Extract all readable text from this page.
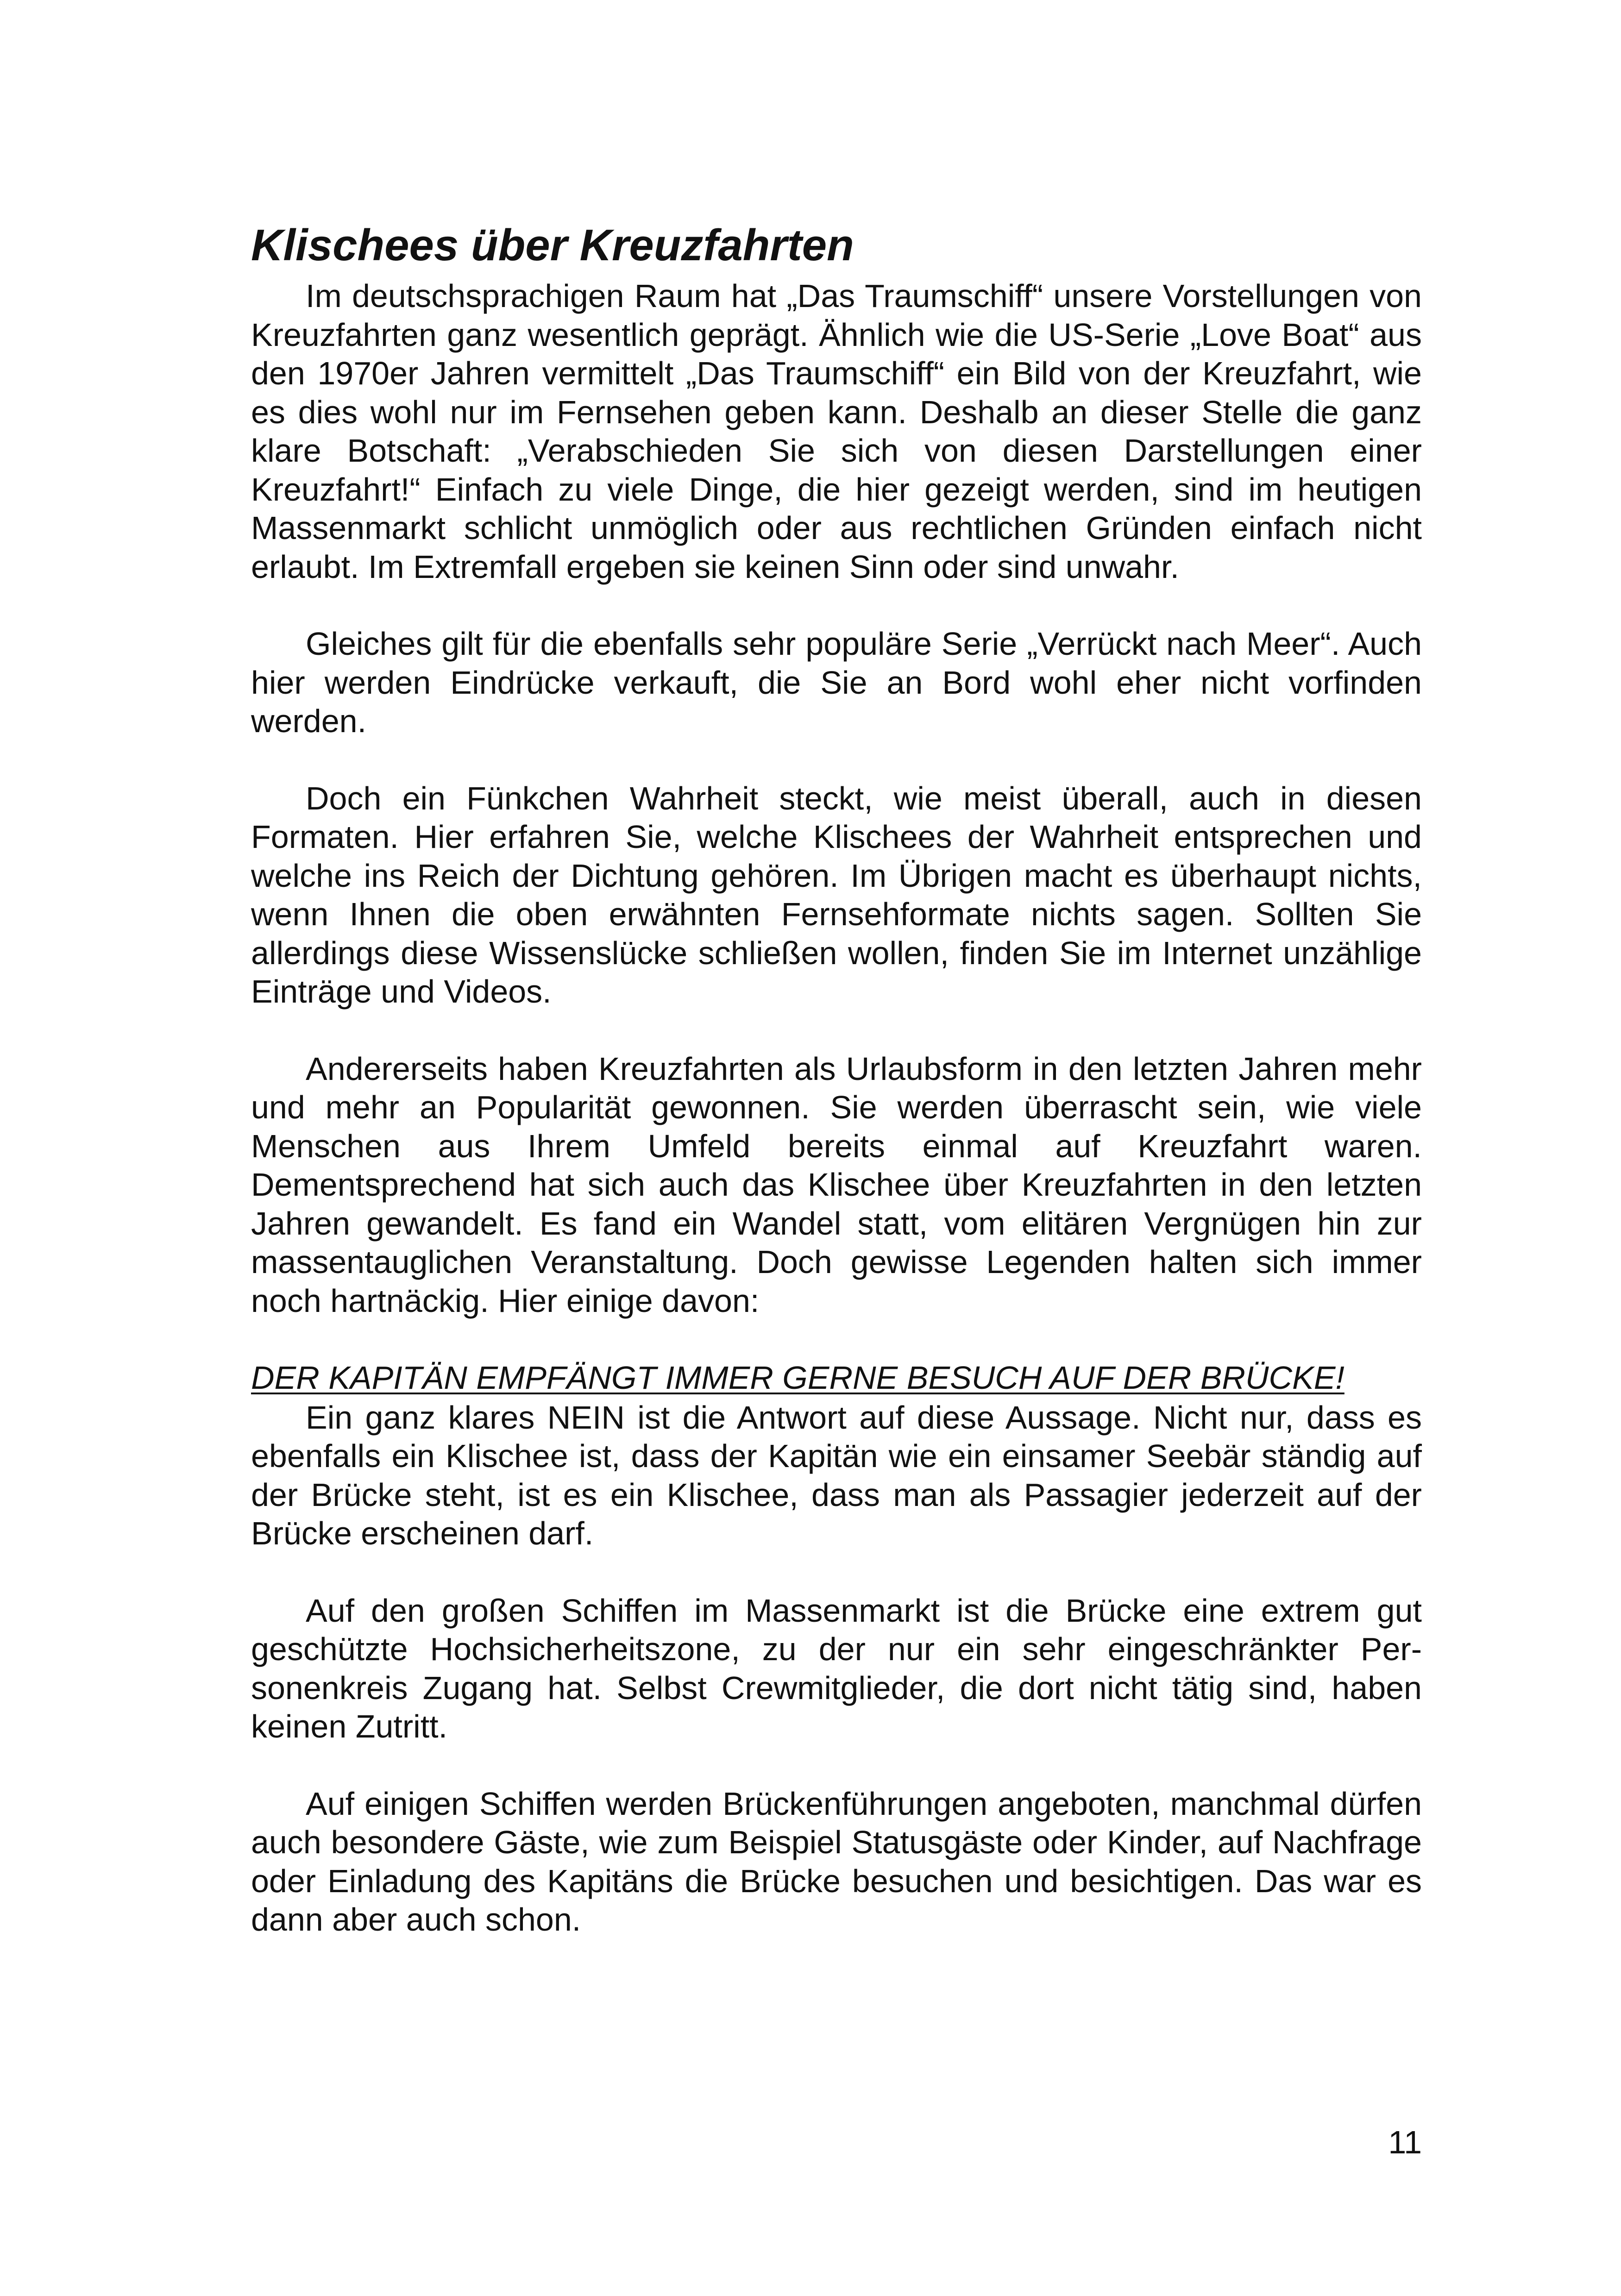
Klischees über Kreuzfahrten

Im deutschsprachigen Raum hat „Das Traumschiff“ unsere Vorstellungen von Kreuzfahrten ganz wesentlich geprägt. Ähnlich wie die US-Serie „Love Boat“ aus den 1970er Jahren vermittelt „Das Traumschiff“ ein Bild von der Kreuzfahrt, wie es dies wohl nur im Fernsehen geben kann. Deshalb an dieser Stelle die ganz klare Botschaft: „Verabschieden Sie sich von diesen Darstellungen einer Kreuzfahrt!“ Einfach zu viele Dinge, die hier gezeigt werden, sind im heutigen Massenmarkt schlicht unmöglich oder aus rechtlichen Gründen einfach nicht erlaubt. Im Extremfall ergeben sie keinen Sinn oder sind unwahr.

Gleiches gilt für die ebenfalls sehr populäre Serie „Verrückt nach Meer“. Auch hier werden Eindrücke verkauft, die Sie an Bord wohl eher nicht vorfinden werden.

Doch ein Fünkchen Wahrheit steckt, wie meist überall, auch in diesen Formaten. Hier erfahren Sie, welche Klischees der Wahrheit entsprechen und welche ins Reich der Dichtung gehören. Im Übrigen macht es überhaupt nichts, wenn Ihnen die oben erwähnten Fernsehformate nichts sagen. Sollten Sie allerdings diese Wissenslücke schließen wollen, finden Sie im Internet unzählige Einträge und Videos.

Andererseits haben Kreuzfahrten als Urlaubsform in den letzten Jahren mehr und mehr an Popularität gewonnen. Sie werden überrascht sein, wie viele Menschen aus Ihrem Umfeld bereits einmal auf Kreuzfahrt waren. Dementsprechend hat sich auch das Klischee über Kreuzfahrten in den letzten Jahren gewandelt. Es fand ein Wandel statt, vom elitären Vergnügen hin zur massentauglichen Veranstaltung. Doch gewisse Legenden halten sich immer noch hartnäckig. Hier einige davon:

DER KAPITÄN EMPFÄNGT IMMER GERNE BESUCH AUF DER BRÜCKE!

Ein ganz klares NEIN ist die Antwort auf diese Aussage. Nicht nur, dass es ebenfalls ein Klischee ist, dass der Kapitän wie ein einsamer Seebär ständig auf der Brücke steht, ist es ein Klischee, dass man als Passagier jederzeit auf der Brücke erscheinen darf.

Auf den großen Schiffen im Massenmarkt ist die Brücke eine extrem gut geschützte Hochsicherheitszone, zu der nur ein sehr eingeschränkter Personenkreis Zugang hat. Selbst Crewmitglieder, die dort nicht tätig sind, haben keinen Zutritt.

Auf einigen Schiffen werden Brückenführungen angeboten, manchmal dürfen auch besondere Gäste, wie zum Beispiel Statusgäste oder Kinder, auf Nachfrage oder Einladung des Kapitäns die Brücke besuchen und besichtigen. Das war es dann aber auch schon.

11
